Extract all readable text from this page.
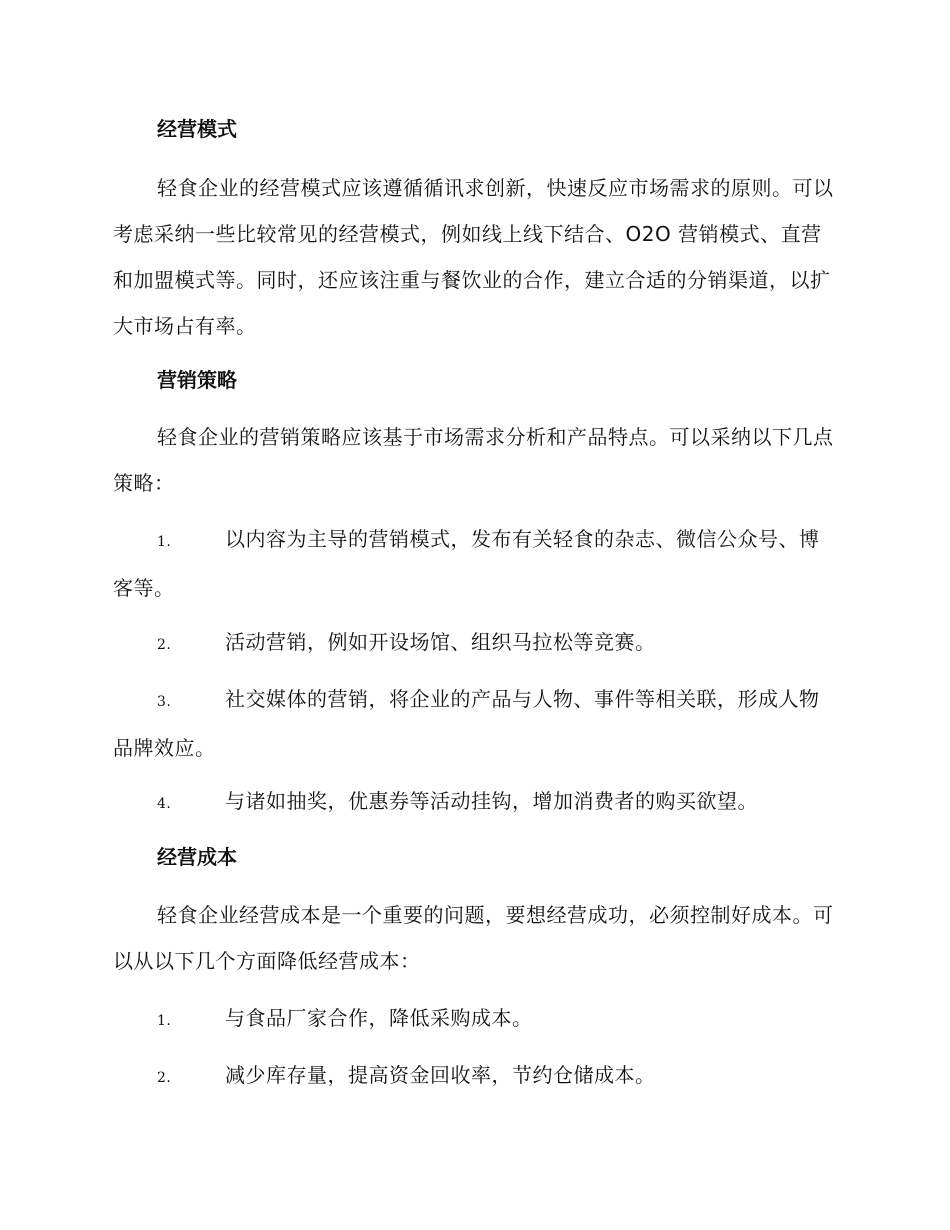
经营模式

轻食企业的经营模式应该遵循循讯求创新，快速反应市场需求的原则。可以考虑采纳一些比较常见的经营模式，例如线上线下结合、O2O 营销模式、直营和加盟模式等。同时，还应该注重与餐饮业的合作，建立合适的分销渠道，以扩大市场占有率。

营销策略

轻食企业的营销策略应该基于市场需求分析和产品特点。可以采纳以下几点策略：

1.	以内容为主导的营销模式，发布有关轻食的杂志、微信公众号、博客等。

2.	活动营销，例如开设场馆、组织马拉松等竞赛。

3.	社交媒体的营销，将企业的产品与人物、事件等相关联，形成人物品牌效应。

4.	与诸如抽奖，优惠券等活动挂钩，增加消费者的购买欲望。

经营成本

轻食企业经营成本是一个重要的问题，要想经营成功，必须控制好成本。可以从以下几个方面降低经营成本：

1.	与食品厂家合作，降低采购成本。

2.	减少库存量，提高资金回收率，节约仓储成本。
